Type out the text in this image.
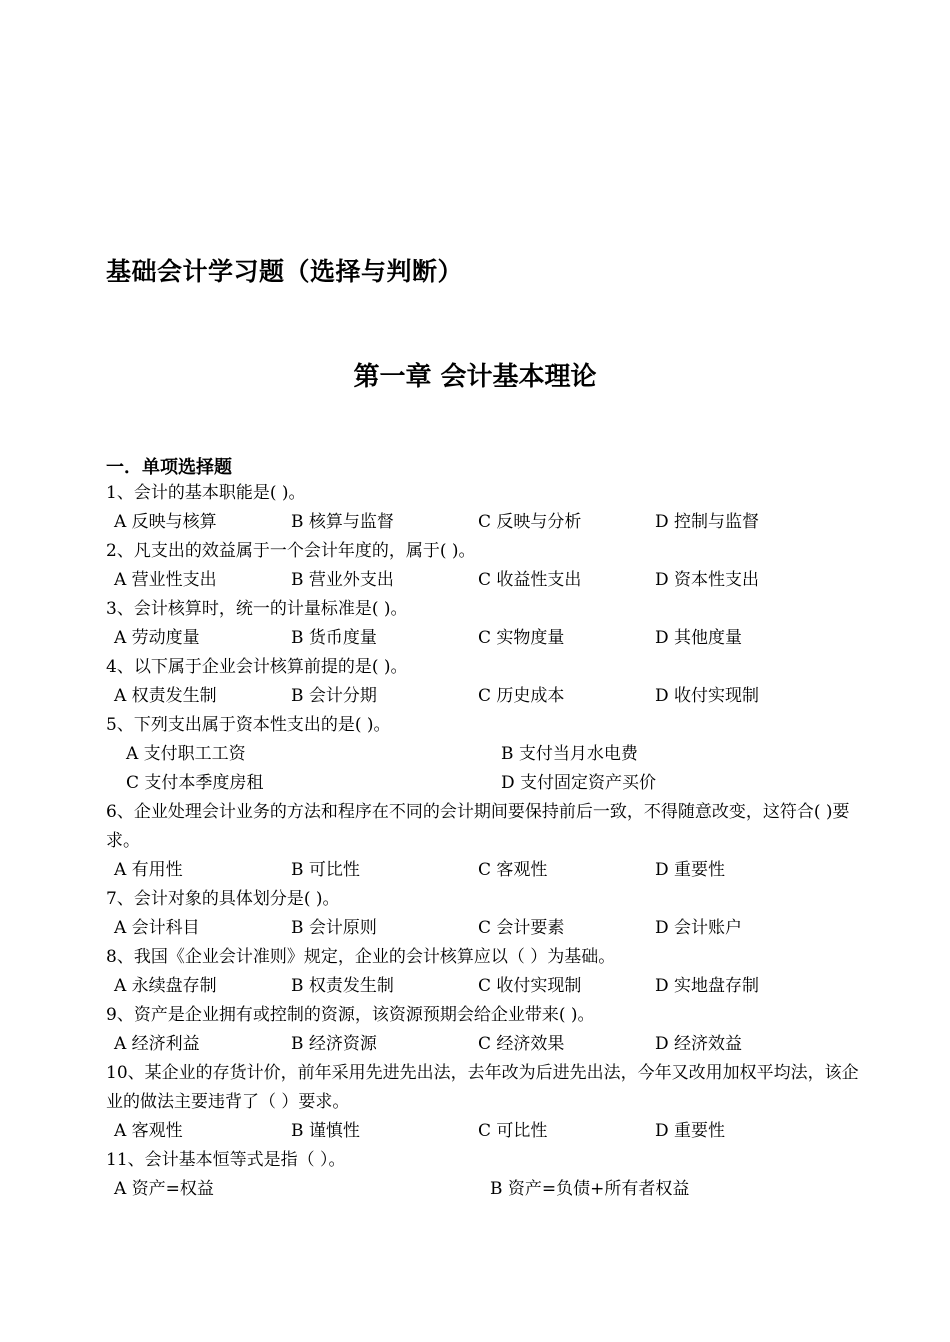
基础会计学习题（选择与判断）
第一章 会计基本理论
一．单项选择题
1、会计的基本职能是( )。
A 反映与核算	B 核算与监督	C 反映与分析	D 控制与监督
2、凡支出的效益属于一个会计年度的，属于( )。
A 营业性支出	B 营业外支出	C 收益性支出	D 资本性支出
3、会计核算时，统一的计量标准是( )。
A 劳动度量	B 货币度量	C 实物度量	D 其他度量
4、以下属于企业会计核算前提的是( )。
A 权责发生制	B 会计分期	C 历史成本	D 收付实现制
5、下列支出属于资本性支出的是( )。
A 支付职工工资	B 支付当月水电费
C 支付本季度房租	D 支付固定资产买价
6、企业处理会计业务的方法和程序在不同的会计期间要保持前后一致，不得随意改变，这符合( )要求。
A 有用性	B 可比性	C 客观性	D 重要性
7、会计对象的具体划分是( )。
A 会计科目	B 会计原则	C 会计要素	D 会计账户
8、我国《企业会计准则》规定，企业的会计核算应以（ ）为基础。
A 永续盘存制	B 权责发生制	C 收付实现制	D 实地盘存制
9、资产是企业拥有或控制的资源，该资源预期会给企业带来( )。
A 经济利益	B 经济资源	C 经济效果	D 经济效益
10、某企业的存货计价，前年采用先进先出法，去年改为后进先出法，今年又改用加权平均法，该企业的做法主要违背了（ ）要求。
A 客观性	B 谨慎性	C 可比性	D 重要性
11、会计基本恒等式是指（ ）。
A 资产=权益	B 资产=负债+所有者权益
